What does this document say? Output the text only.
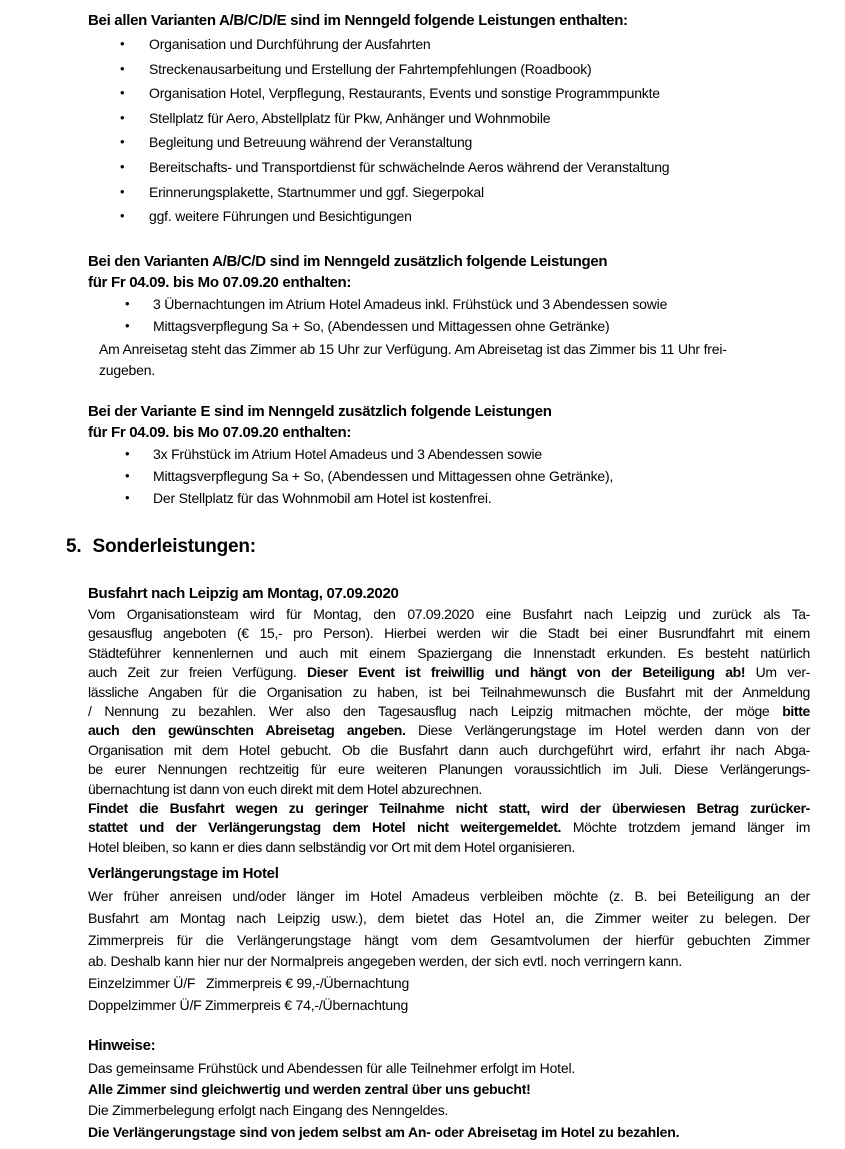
Bei allen Varianten A/B/C/D/E sind im Nenngeld folgende Leistungen enthalten:
• Organisation und Durchführung der Ausfahrten
• Streckenausarbeitung und Erstellung der Fahrtempfehlungen (Roadbook)
• Organisation Hotel, Verpflegung, Restaurants, Events und sonstige Programmpunkte
• Stellplatz für Aero, Abstellplatz für Pkw, Anhänger und Wohnmobile
• Begleitung und Betreuung während der Veranstaltung
• Bereitschafts- und Transportdienst für schwächelnde Aeros während der Veranstaltung
• Erinnerungsplakette, Startnummer und ggf. Siegerpokal
• ggf. weitere Führungen und Besichtigungen
Bei den Varianten A/B/C/D sind im Nenngeld zusätzlich folgende Leistungen
für Fr 04.09. bis Mo 07.09.20 enthalten:
• 3 Übernachtungen im Atrium Hotel Amadeus inkl. Frühstück und 3 Abendessen sowie
• Mittagsverpflegung Sa + So, (Abendessen und Mittagessen ohne Getränke)
Am Anreisetag steht das Zimmer ab 15 Uhr zur Verfügung. Am Abreisetag ist das Zimmer bis 11 Uhr frei-
zugeben.
Bei der Variante E sind im Nenngeld zusätzlich folgende Leistungen
für Fr 04.09. bis Mo 07.09.20 enthalten:
• 3x Frühstück im Atrium Hotel Amadeus und 3 Abendessen sowie
• Mittagsverpflegung Sa + So, (Abendessen und Mittagessen ohne Getränke),
• Der Stellplatz für das Wohnmobil am Hotel ist kostenfrei.
5. Sonderleistungen:
Busfahrt nach Leipzig am Montag, 07.09.2020
Vom Organisationsteam wird für Montag, den 07.09.2020 eine Busfahrt nach Leipzig und zurück als Ta-
gesausflug angeboten (€ 15,- pro Person). Hierbei werden wir die Stadt bei einer Busrundfahrt mit einem
Städteführer kennenlernen und auch mit einem Spaziergang die Innenstadt erkunden. Es besteht natürlich
auch Zeit zur freien Verfügung. Dieser Event ist freiwillig und hängt von der Beteiligung ab! Um ver-
lässliche Angaben für die Organisation zu haben, ist bei Teilnahmewunsch die Busfahrt mit der Anmeldung
/ Nennung zu bezahlen. Wer also den Tagesausflug nach Leipzig mitmachen möchte, der möge bitte
auch den gewünschten Abreisetag angeben. Diese Verlängerungstage im Hotel werden dann von der
Organisation mit dem Hotel gebucht. Ob die Busfahrt dann auch durchgeführt wird, erfahrt ihr nach Abga-
be eurer Nennungen rechtzeitig für eure weiteren Planungen voraussichtlich im Juli. Diese Verlängerungs-
übernachtung ist dann von euch direkt mit dem Hotel abzurechnen.
Findet die Busfahrt wegen zu geringer Teilnahme nicht statt, wird der überwiesen Betrag zurücker-
stattet und der Verlängerungstag dem Hotel nicht weitergemeldet. Möchte trotzdem jemand länger im
Hotel bleiben, so kann er dies dann selbständig vor Ort mit dem Hotel organisieren.
Verlängerungstage im Hotel
Wer früher anreisen und/oder länger im Hotel Amadeus verbleiben möchte (z. B. bei Beteiligung an der
Busfahrt am Montag nach Leipzig usw.), dem bietet das Hotel an, die Zimmer weiter zu belegen. Der
Zimmerpreis für die Verlängerungstage hängt vom dem Gesamtvolumen der hierfür gebuchten Zimmer
ab. Deshalb kann hier nur der Normalpreis angegeben werden, der sich evtl. noch verringern kann.
Einzelzimmer Ü/F Zimmerpreis € 99,-/Übernachtung
Doppelzimmer Ü/F Zimmerpreis € 74,-/Übernachtung
Hinweise:
Das gemeinsame Frühstück und Abendessen für alle Teilnehmer erfolgt im Hotel.
Alle Zimmer sind gleichwertig und werden zentral über uns gebucht!
Die Zimmerbelegung erfolgt nach Eingang des Nenngeldes.
Die Verlängerungstage sind von jedem selbst am An- oder Abreisetag im Hotel zu bezahlen.
